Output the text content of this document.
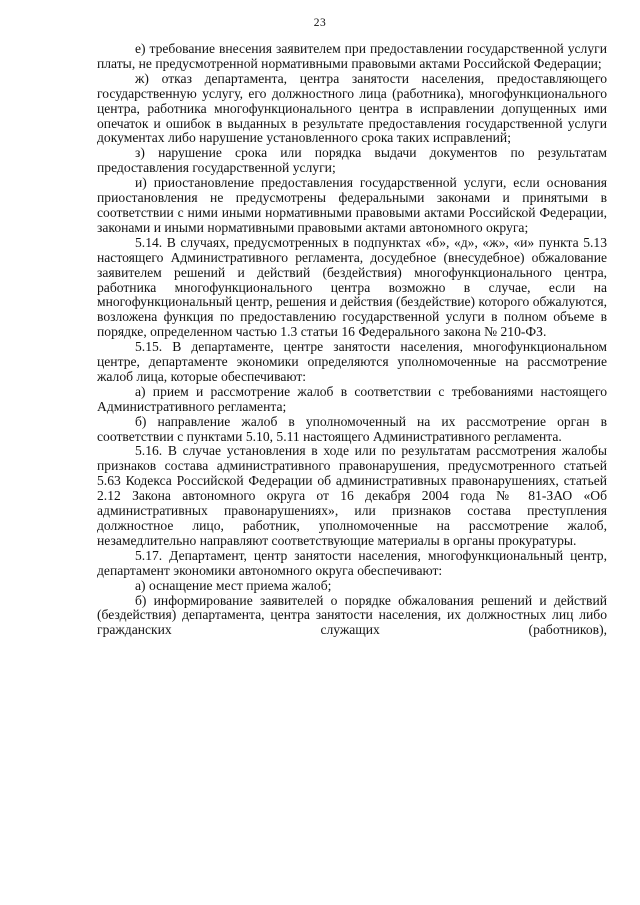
23

е) требование внесения заявителем при предоставлении государственной услуги платы, не предусмотренной нормативными правовыми актами Российской Федерации;

ж) отказ департамента, центра занятости населения, предоставляющего государственную услугу, его должностного лица (работника), многофункционального центра, работника многофункционального центра в исправлении допущенных ими опечаток и ошибок в выданных в результате предоставления государственной услуги документах либо нарушение установленного срока таких исправлений;

з) нарушение срока или порядка выдачи документов по результатам предоставления государственной услуги;

и) приостановление предоставления государственной услуги, если основания приостановления не предусмотрены федеральными законами и принятыми в соответствии с ними иными нормативными правовыми актами Российской Федерации, законами и иными нормативными правовыми актами автономного округа;

5.14. В случаях, предусмотренных в подпунктах «б», «д», «ж», «и» пункта 5.13 настоящего Административного регламента, досудебное (внесудебное) обжалование заявителем решений и действий (бездействия) многофункционального центра, работника многофункционального центра возможно в случае, если на многофункциональный центр, решения и действия (бездействие) которого обжалуются, возложена функция по предоставлению государственной услуги в полном объеме в порядке, определенном частью 1.3 статьи 16 Федерального закона № 210-ФЗ.

5.15. В департаменте, центре занятости населения, многофункциональном центре, департаменте экономики определяются уполномоченные на рассмотрение жалоб лица, которые обеспечивают:

а) прием и рассмотрение жалоб в соответствии с требованиями настоящего Административного регламента;

б) направление жалоб в уполномоченный на их рассмотрение орган в соответствии с пунктами 5.10, 5.11 настоящего Административного регламента.

5.16. В случае установления в ходе или по результатам рассмотрения жалобы признаков состава административного правонарушения, предусмотренного статьей 5.63 Кодекса Российской Федерации об административных правонарушениях, статьей 2.12 Закона автономного округа от 16 декабря 2004 года № 81-ЗАО «Об административных правонарушениях», или признаков состава преступления должностное лицо, работник, уполномоченные на рассмотрение жалоб, незамедлительно направляют соответствующие материалы в органы прокуратуры.

5.17. Департамент, центр занятости населения, многофункциональный центр, департамент экономики автономного округа обеспечивают:

а) оснащение мест приема жалоб;

б) информирование заявителей о порядке обжалования решений и действий (бездействия) департамента, центра занятости населения, их должностных лиц либо гражданских служащих (работников),
